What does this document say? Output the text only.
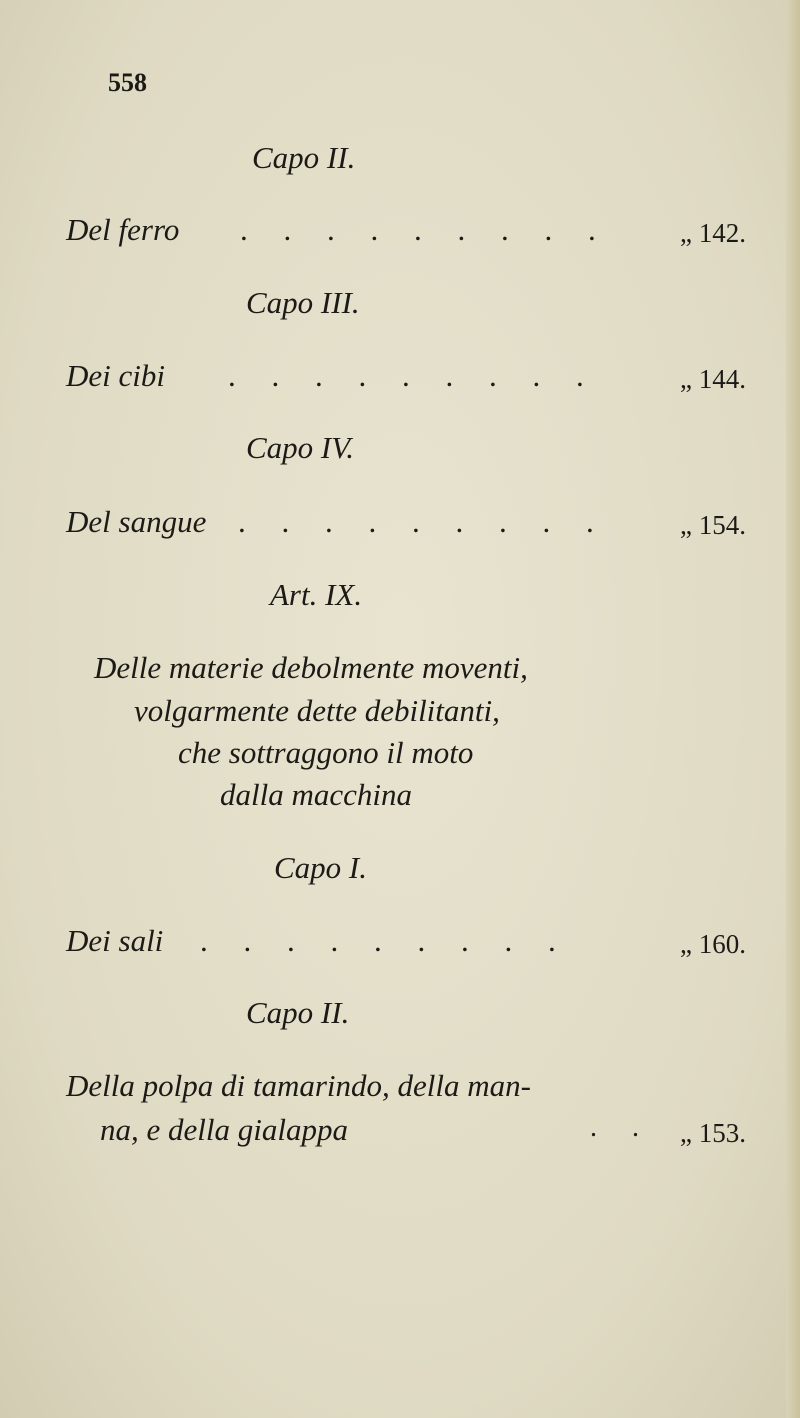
558
Capo II.
Del ferro . . . . . . . . .	„ 142.
Capo III.
Dei cibi . . . . . . . . .	„ 144.
Capo IV.
Del sangue . . . . . . . . .	„ 154.
Art. IX.
Delle materie debolmente moventi,
volgarmente dette debilitanti,
che sottraggono il moto
dalla macchina
Capo I.
Dei sali . . . . . . . . .	„ 160.
Capo II.
Della polpa di tamarindo, della man-
na, e della gialappa	. . „ 153.
